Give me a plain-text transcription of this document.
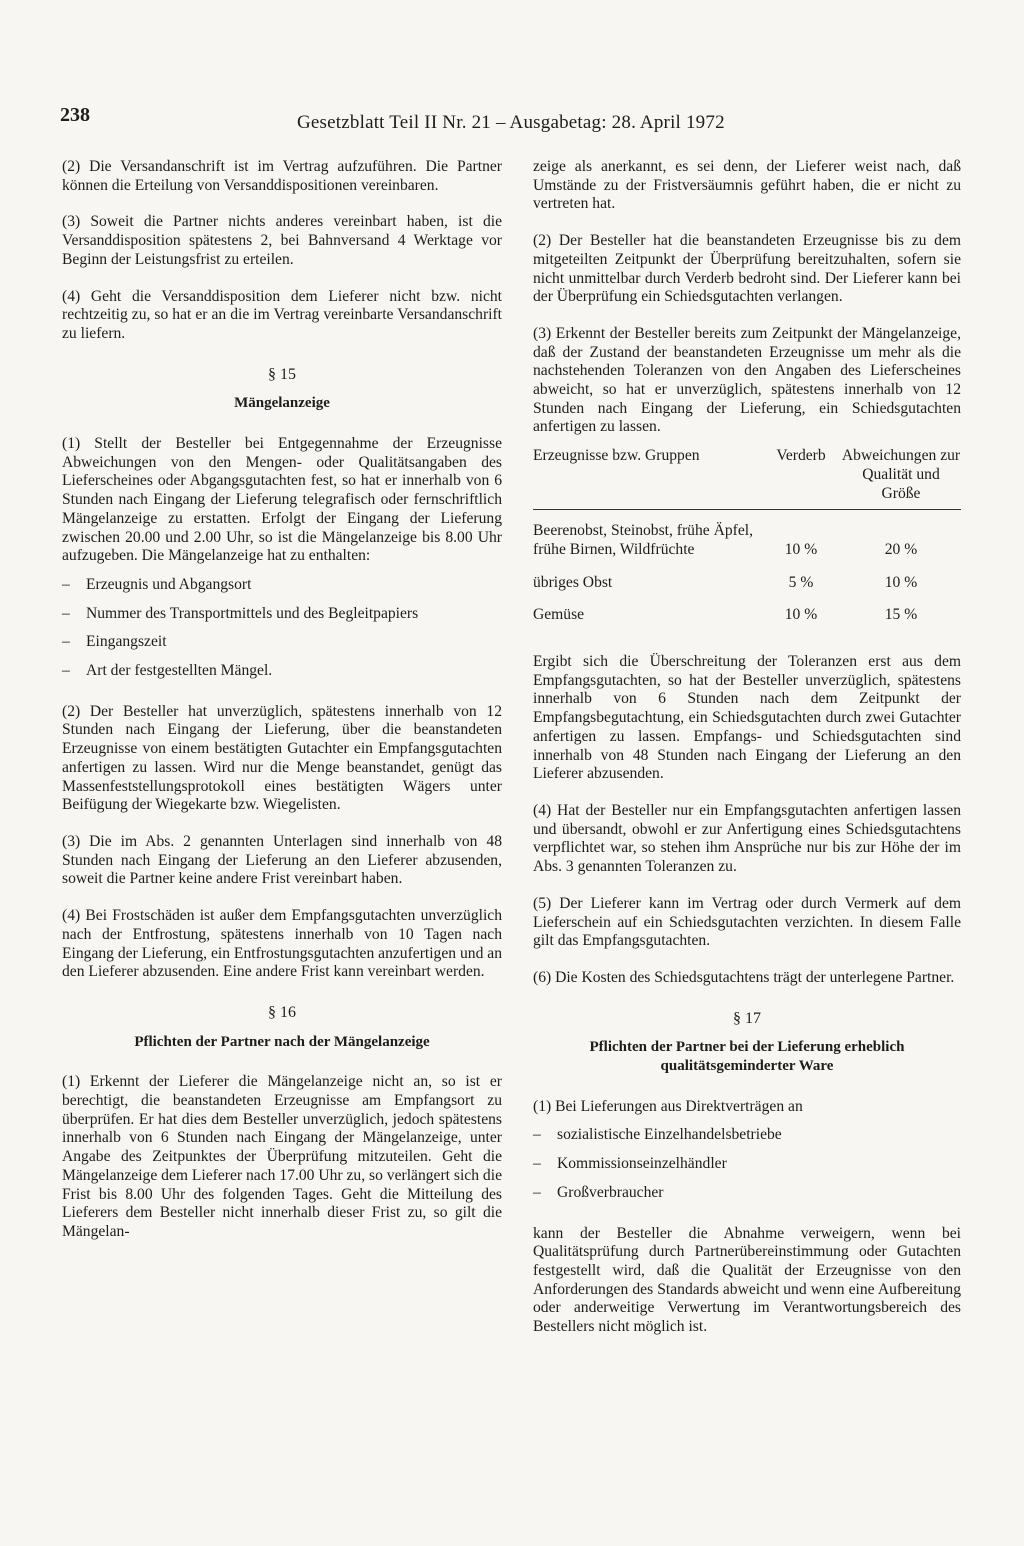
238	Gesetzblatt Teil II Nr. 21 – Ausgabetag: 28. April 1972

(2) Die Versandanschrift ist im Vertrag aufzuführen. Die Partner können die Erteilung von Versanddispositionen vereinbaren.

(3) Soweit die Partner nichts anderes vereinbart haben, ist die Versanddisposition spätestens 2, bei Bahnversand 4 Werktage vor Beginn der Leistungsfrist zu erteilen.

(4) Geht die Versanddisposition dem Lieferer nicht bzw. nicht rechtzeitig zu, so hat er an die im Vertrag vereinbarte Versandanschrift zu liefern.

§ 15
Mängelanzeige

(1) Stellt der Besteller bei Entgegennahme der Erzeugnisse Abweichungen von den Mengen- oder Qualitätsangaben des Lieferscheines oder Abgangsgutachten fest, so hat er innerhalb von 6 Stunden nach Eingang der Lieferung telegrafisch oder fernschriftlich Mängelanzeige zu erstatten. Erfolgt der Eingang der Lieferung zwischen 20.00 und 2.00 Uhr, so ist die Mängelanzeige bis 8.00 Uhr aufzugeben. Die Mängelanzeige hat zu enthalten:

– Erzeugnis und Abgangsort
– Nummer des Transportmittels und des Begleitpapiers
– Eingangszeit
– Art der festgestellten Mängel.

(2) Der Besteller hat unverzüglich, spätestens innerhalb von 12 Stunden nach Eingang der Lieferung, über die beanstandeten Erzeugnisse von einem bestätigten Gutachter ein Empfangsgutachten anfertigen zu lassen. Wird nur die Menge beanstandet, genügt das Massenfeststellungsprotokoll eines bestätigten Wägers unter Beifügung der Wiegekarte bzw. Wiegelisten.

(3) Die im Abs. 2 genannten Unterlagen sind innerhalb von 48 Stunden nach Eingang der Lieferung an den Lieferer abzusenden, soweit die Partner keine andere Frist vereinbart haben.

(4) Bei Frostschäden ist außer dem Empfangsgutachten unverzüglich nach der Entfrostung, spätestens innerhalb von 10 Tagen nach Eingang der Lieferung, ein Entfrostungsgutachten anzufertigen und an den Lieferer abzusenden. Eine andere Frist kann vereinbart werden.

§ 16
Pflichten der Partner nach der Mängelanzeige

(1) Erkennt der Lieferer die Mängelanzeige nicht an, so ist er berechtigt, die beanstandeten Erzeugnisse am Empfangsort zu überprüfen. Er hat dies dem Besteller unverzüglich, jedoch spätestens innerhalb von 6 Stunden nach Eingang der Mängelanzeige, unter Angabe des Zeitpunktes der Überprüfung mitzuteilen. Geht die Mängelanzeige dem Lieferer nach 17.00 Uhr zu, so verlängert sich die Frist bis 8.00 Uhr des folgenden Tages. Geht die Mitteilung des Lieferers dem Besteller nicht innerhalb dieser Frist zu, so gilt die Mängelan-

zeige als anerkannt, es sei denn, der Lieferer weist nach, daß Umstände zu der Fristversäumnis geführt haben, die er nicht zu vertreten hat.

(2) Der Besteller hat die beanstandeten Erzeugnisse bis zu dem mitgeteilten Zeitpunkt der Überprüfung bereitzuhalten, sofern sie nicht unmittelbar durch Verderb bedroht sind. Der Lieferer kann bei der Überprüfung ein Schiedsgutachten verlangen.

(3) Erkennt der Besteller bereits zum Zeitpunkt der Mängelanzeige, daß der Zustand der beanstandeten Erzeugnisse um mehr als die nachstehenden Toleranzen von den Angaben des Lieferscheines abweicht, so hat er unverzüglich, spätestens innerhalb von 12 Stunden nach Eingang der Lieferung, ein Schiedsgutachten anfertigen zu lassen.

Erzeugnisse bzw. Gruppen	Verderb	Abweichungen zur Qualität und Größe

Beerenobst, Steinobst, frühe Äpfel, frühe Birnen, Wildfrüchte	10 %	20 %
übriges Obst	5 %	10 %
Gemüse	10 %	15 %

Ergibt sich die Überschreitung der Toleranzen erst aus dem Empfangsgutachten, so hat der Besteller unverzüglich, spätestens innerhalb von 6 Stunden nach dem Zeitpunkt der Empfangsbegutachtung, ein Schiedsgutachten durch zwei Gutachter anfertigen zu lassen. Empfangs- und Schiedsgutachten sind innerhalb von 48 Stunden nach Eingang der Lieferung an den Lieferer abzusenden.

(4) Hat der Besteller nur ein Empfangsgutachten anfertigen lassen und übersandt, obwohl er zur Anfertigung eines Schiedsgutachtens verpflichtet war, so stehen ihm Ansprüche nur bis zur Höhe der im Abs. 3 genannten Toleranzen zu.

(5) Der Lieferer kann im Vertrag oder durch Vermerk auf dem Lieferschein auf ein Schiedsgutachten verzichten. In diesem Falle gilt das Empfangsgutachten.

(6) Die Kosten des Schiedsgutachtens trägt der unterlegene Partner.

§ 17
Pflichten der Partner bei der Lieferung erheblich qualitätsgeminderter Ware

(1) Bei Lieferungen aus Direktverträgen an

– sozialistische Einzelhandelsbetriebe
– Kommissionseinzelhändler
– Großverbraucher

kann der Besteller die Abnahme verweigern, wenn bei Qualitätsprüfung durch Partnerübereinstimmung oder Gutachten festgestellt wird, daß die Qualität der Erzeugnisse von den Anforderungen des Standards abweicht und wenn eine Aufbereitung oder anderweitige Verwertung im Verantwortungsbereich des Bestellers nicht möglich ist.
